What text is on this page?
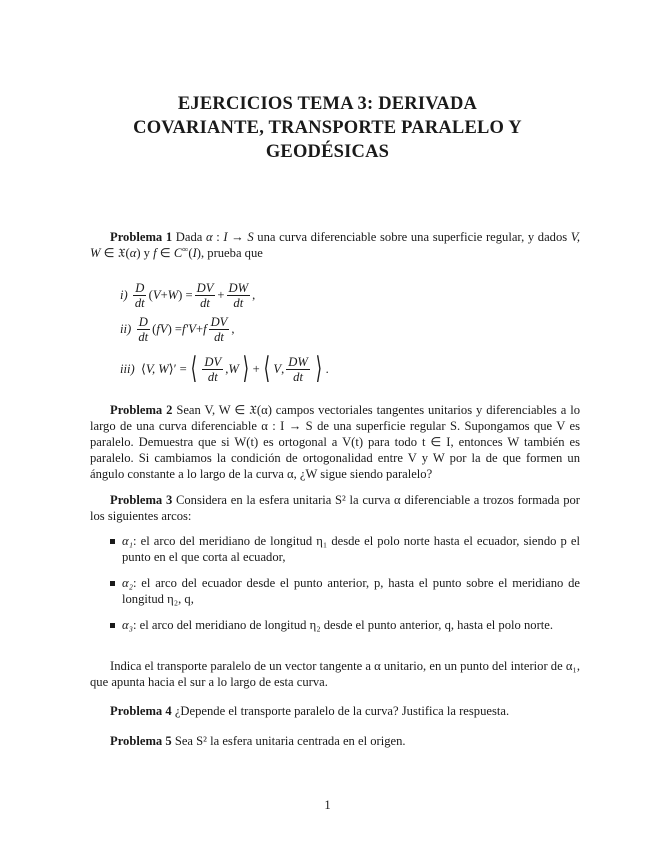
EJERCICIOS TEMA 3: DERIVADA
COVARIANTE, TRANSPORTE PARALELO Y
GEODÉSICAS
Problema 1 Dada α : I → S una curva diferenciable sobre una superficie regular, y dados V, W ∈ 𝔛(α) y f ∈ C∞(I), prueba que
i)
$\frac{D}{dt}$ ( V + W ) = $\frac{DV}{dt} + \frac{DW}{dt}$ ,
ii)
$\frac{D}{dt}$ ( fV ) = f′V + f $\frac{DV}{dt}$ ,
iii) ⟨ V, W ⟩′ = ⟨ $\frac{DV}{dt}$ , W ⟩ + ⟨ V , $\frac{DW}{dt}$ ⟩ .
Problema 2 Sean V, W ∈ 𝔛(α) campos vectoriales tangentes unitarios y diferenciables a lo largo de una curva diferenciable α : I → S de una superficie regular S. Supongamos que V es paralelo. Demuestra que si W(t) es ortogonal a V(t) para todo t ∈ I, entonces W también es paralelo. Si cambiamos la condición de ortogonalidad entre V y W por la de que formen un ángulo constante a lo largo de la curva α, ¿W sigue siendo paralelo?
Problema 3 Considera en la esfera unitaria S² la curva α diferenciable a trozos formada por los siguientes arcos:
α₁: el arco del meridiano de longitud η₁ desde el polo norte hasta el ecuador, siendo p el punto en el que corta al ecuador,
α₂: el arco del ecuador desde el punto anterior, p, hasta el punto sobre el meridiano de longitud η₂, q,
α₃: el arco del meridiano de longitud η₂ desde el punto anterior, q, hasta el polo norte.
Indica el transporte paralelo de un vector tangente a α unitario, en un punto del interior de α₁, que apunta hacia el sur a lo largo de esta curva.
Problema 4 ¿Depende el transporte paralelo de la curva? Justifica la respuesta.
Problema 5 Sea S² la esfera unitaria centrada en el origen.
1
